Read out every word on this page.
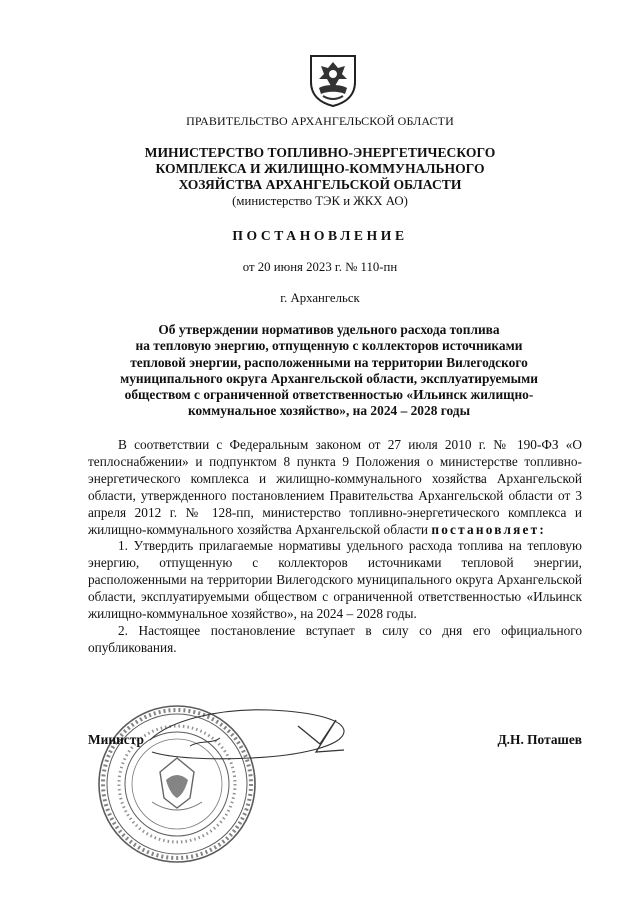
ПРАВИТЕЛЬСТВО АРХАНГЕЛЬСКОЙ ОБЛАСТИ
МИНИСТЕРСТВО ТОПЛИВНО-ЭНЕРГЕТИЧЕСКОГО
КОМПЛЕКСА И ЖИЛИЩНО-КОММУНАЛЬНОГО
ХОЗЯЙСТВА АРХАНГЕЛЬСКОЙ ОБЛАСТИ
(министерство ТЭК и ЖКХ АО)
ПОСТАНОВЛЕНИЕ
от 20 июня 2023 г. № 110-пн
г. Архангельск
Об утверждении нормативов удельного расхода топлива
на тепловую энергию, отпущенную с коллекторов источниками
тепловой энергии, расположенными на территории Вилегодского
муниципального округа Архангельской области, эксплуатируемыми
обществом с ограниченной ответственностью «Ильинск жилищно-
коммунальное хозяйство», на 2024 – 2028 годы

В соответствии с Федеральным законом от 27 июля 2010 г. № 190-ФЗ «О теплоснабжении» и подпунктом 8 пункта 9 Положения о министерстве топливно-энергетического комплекса и жилищно-коммунального хозяйства Архангельской области, утвержденного постановлением Правительства Архангельской области от 3 апреля 2012 г. № 128-пп, министерство топливно-энергетического комплекса и жилищно-коммунального хозяйства Архангельской области постановляет:

1. Утвердить прилагаемые нормативы удельного расхода топлива на тепловую энергию, отпущенную с коллекторов источниками тепловой энергии, расположенными на территории Вилегодского муниципального округа Архангельской области, эксплуатируемыми обществом с ограниченной ответственностью «Ильинск жилищно-коммунальное хозяйство», на 2024 – 2028 годы.

2. Настоящее постановление вступает в силу со дня его официального опубликования.

Министр	Д.Н. Поташев
